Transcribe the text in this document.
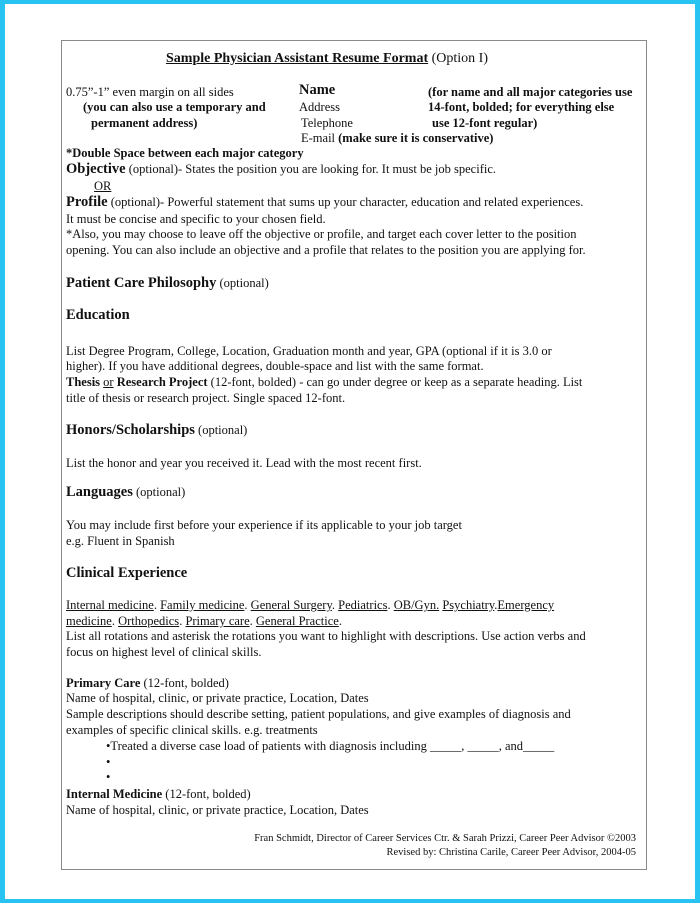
Sample Physician Assistant Resume Format (Option I)
0.75”-1” even margin on all sides
(you can also use a temporary and
permanent address)
Name
Address
Telephone
E-mail (make sure it is conservative)
(for name and all major categories use
14-font, bolded; for everything else
use 12-font regular)
*Double Space between each major category
Objective (optional)- States the position you are looking for. It must be job specific.
OR
Profile (optional)- Powerful statement that sums up your character, education and related experiences.
It must be concise and specific to your chosen field.
*Also, you may choose to leave off the objective or profile, and target each cover letter to the position
opening. You can also include an objective and a profile that relates to the position you are applying for.
Patient Care Philosophy (optional)
Education
List Degree Program, College, Location, Graduation month and year, GPA (optional if it is 3.0 or
higher). If you have additional degrees, double-space and list with the same format.
Thesis or Research Project (12-font, bolded) - can go under degree or keep as a separate heading. List
title of thesis or research project. Single spaced 12-font.
Honors/Scholarships (optional)
List the honor and year you received it. Lead with the most recent first.
Languages (optional)
You may include first before your experience if its applicable to your job target
e.g. Fluent in Spanish
Clinical Experience
Internal medicine. Family medicine. General Surgery. Pediatrics. OB/Gyn. Psychiatry.Emergency
medicine. Orthopedics. Primary care. General Practice.
List all rotations and asterisk the rotations you want to highlight with descriptions. Use action verbs and
focus on highest level of clinical skills.
Primary Care (12-font, bolded)
Name of hospital, clinic, or private practice, Location, Dates
Sample descriptions should describe setting, patient populations, and give examples of diagnosis and
examples of specific clinical skills. e.g. treatments
•Treated a diverse case load of patients with diagnosis including _____, _____, and_____
•
•
Internal Medicine (12-font, bolded)
Name of hospital, clinic, or private practice, Location, Dates
Fran Schmidt, Director of Career Services Ctr. & Sarah Prizzi, Career Peer Advisor ©2003
Revised by: Christina Carile, Career Peer Advisor, 2004-05
